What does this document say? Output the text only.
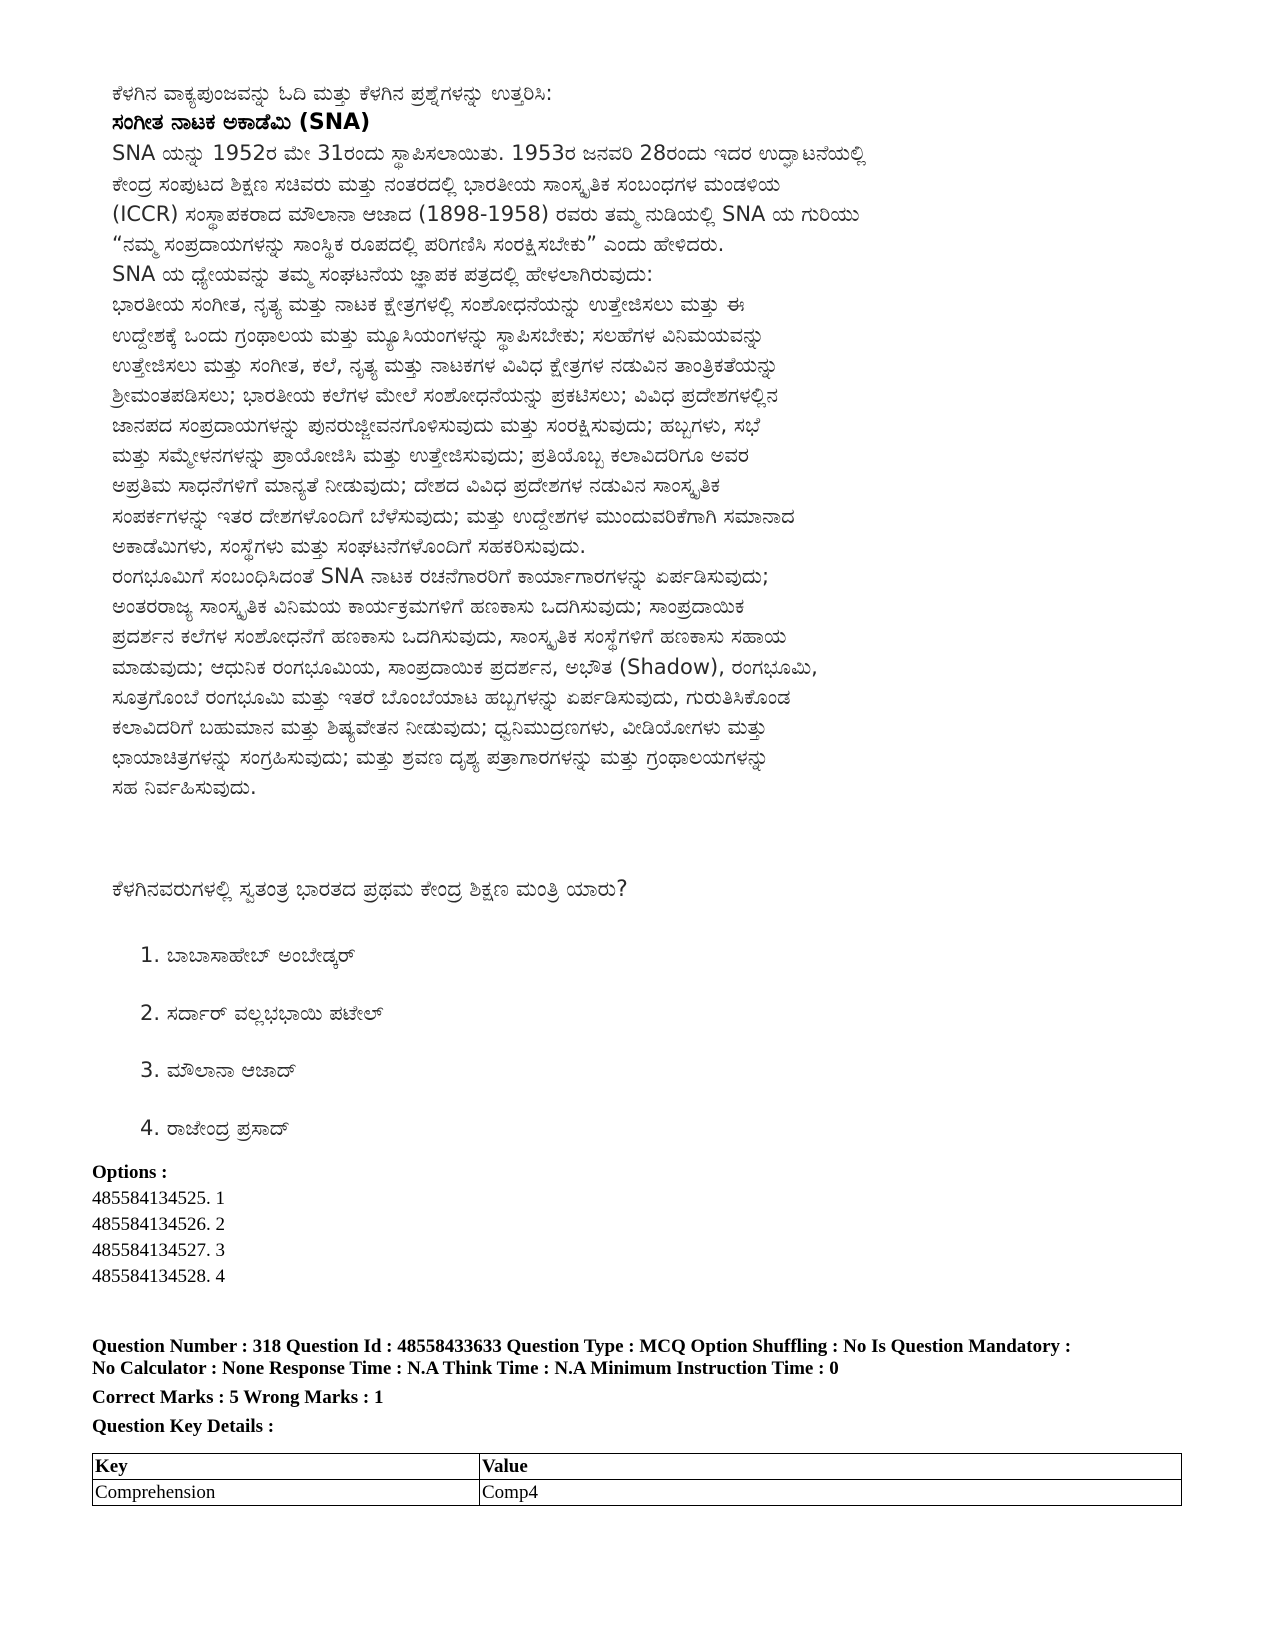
ಕೆಳಗಿನ ವಾಕ್ಯಪುಂಜವನ್ನು ಓದಿ ಮತ್ತು ಕೆಳಗಿನ ಪ್ರಶ್ನೆಗಳನ್ನು ಉತ್ತರಿಸಿ:
ಸಂಗೀತ ನಾಟಕ ಅಕಾಡೆಮಿ (SNA)
SNA ಯನ್ನು 1952ರ ಮೇ 31ರಂದು ಸ್ಥಾಪಿಸಲಾಯಿತು. 1953ರ ಜನವರಿ 28ರಂದು ಇದರ ಉದ್ಘಾಟನೆಯಲ್ಲಿ
ಕೇಂದ್ರ ಸಂಪುಟದ ಶಿಕ್ಷಣ ಸಚಿವರು ಮತ್ತು ನಂತರದಲ್ಲಿ ಭಾರತೀಯ ಸಾಂಸ್ಕೃತಿಕ ಸಂಬಂಧಗಳ ಮಂಡಳಿಯ
(ICCR) ಸಂಸ್ಥಾಪಕರಾದ ಮೌಲಾನಾ ಆಜಾದ (1898-1958) ರವರು ತಮ್ಮ ನುಡಿಯಲ್ಲಿ SNA ಯ ಗುರಿಯು
“ನಮ್ಮ ಸಂಪ್ರದಾಯಗಳನ್ನು ಸಾಂಸ್ಥಿಕ ರೂಪದಲ್ಲಿ ಪರಿಗಣಿಸಿ ಸಂರಕ್ಷಿಸಬೇಕು” ಎಂದು ಹೇಳಿದರು.
SNA ಯ ಧ್ಯೇಯವನ್ನು ತಮ್ಮ ಸಂಘಟನೆಯ ಜ್ಞಾಪಕ ಪತ್ರದಲ್ಲಿ ಹೇಳಲಾಗಿರುವುದು:
ಭಾರತೀಯ ಸಂಗೀತ, ನೃತ್ಯ ಮತ್ತು ನಾಟಕ ಕ್ಷೇತ್ರಗಳಲ್ಲಿ ಸಂಶೋಧನೆಯನ್ನು ಉತ್ತೇಜಿಸಲು ಮತ್ತು ಈ
ಉದ್ದೇಶಕ್ಕೆ ಒಂದು ಗ್ರಂಥಾಲಯ ಮತ್ತು ಮ್ಯೂಸಿಯಂಗಳನ್ನು ಸ್ಥಾಪಿಸಬೇಕು; ಸಲಹೆಗಳ ವಿನಿಮಯವನ್ನು
ಉತ್ತೇಜಿಸಲು ಮತ್ತು ಸಂಗೀತ, ಕಲೆ, ನೃತ್ಯ ಮತ್ತು ನಾಟಕಗಳ ವಿವಿಧ ಕ್ಷೇತ್ರಗಳ ನಡುವಿನ ತಾಂತ್ರಿಕತೆಯನ್ನು
ಶ್ರೀಮಂತಪಡಿಸಲು; ಭಾರತೀಯ ಕಲೆಗಳ ಮೇಲೆ ಸಂಶೋಧನೆಯನ್ನು ಪ್ರಕಟಿಸಲು; ವಿವಿಧ ಪ್ರದೇಶಗಳಲ್ಲಿನ
ಜಾನಪದ ಸಂಪ್ರದಾಯಗಳನ್ನು ಪುನರುಜ್ಜೀವನಗೊಳಿಸುವುದು ಮತ್ತು ಸಂರಕ್ಷಿಸುವುದು; ಹಬ್ಬಗಳು, ಸಭೆ
ಮತ್ತು ಸಮ್ಮೇಳನಗಳನ್ನು ಪ್ರಾಯೋಜಿಸಿ ಮತ್ತು ಉತ್ತೇಜಿಸುವುದು; ಪ್ರತಿಯೊಬ್ಬ ಕಲಾವಿದರಿಗೂ ಅವರ
ಅಪ್ರತಿಮ ಸಾಧನೆಗಳಿಗೆ ಮಾನ್ಯತೆ ನೀಡುವುದು; ದೇಶದ ವಿವಿಧ ಪ್ರದೇಶಗಳ ನಡುವಿನ ಸಾಂಸ್ಕೃತಿಕ
ಸಂಪರ್ಕಗಳನ್ನು ಇತರ ದೇಶಗಳೊಂದಿಗೆ ಬೆಳೆಸುವುದು; ಮತ್ತು ಉದ್ದೇಶಗಳ ಮುಂದುವರಿಕೆಗಾಗಿ ಸಮಾನಾದ
ಅಕಾಡೆಮಿಗಳು, ಸಂಸ್ಥೆಗಳು ಮತ್ತು ಸಂಘಟನೆಗಳೊಂದಿಗೆ ಸಹಕರಿಸುವುದು.
ರಂಗಭೂಮಿಗೆ ಸಂಬಂಧಿಸಿದಂತೆ SNA ನಾಟಕ ರಚನೆಗಾರರಿಗೆ ಕಾರ್ಯಾಗಾರಗಳನ್ನು ಏರ್ಪಡಿಸುವುದು;
ಅಂತರರಾಜ್ಯ ಸಾಂಸ್ಕೃತಿಕ ವಿನಿಮಯ ಕಾರ್ಯಕ್ರಮಗಳಿಗೆ ಹಣಕಾಸು ಒದಗಿಸುವುದು; ಸಾಂಪ್ರದಾಯಿಕ
ಪ್ರದರ್ಶನ ಕಲೆಗಳ ಸಂಶೋಧನೆಗೆ ಹಣಕಾಸು ಒದಗಿಸುವುದು, ಸಾಂಸ್ಕೃತಿಕ ಸಂಸ್ಥೆಗಳಿಗೆ ಹಣಕಾಸು ಸಹಾಯ
ಮಾಡುವುದು; ಆಧುನಿಕ ರಂಗಭೂಮಿಯ, ಸಾಂಪ್ರದಾಯಿಕ ಪ್ರದರ್ಶನ, ಅಭೌತ (Shadow), ರಂಗಭೂಮಿ,
ಸೂತ್ರಗೊಂಬೆ ರಂಗಭೂಮಿ ಮತ್ತು ಇತರೆ ಬೊಂಬೆಯಾಟ ಹಬ್ಬಗಳನ್ನು ಏರ್ಪಡಿಸುವುದು, ಗುರುತಿಸಿಕೊಂಡ
ಕಲಾವಿದರಿಗೆ ಬಹುಮಾನ ಮತ್ತು ಶಿಷ್ಯವೇತನ ನೀಡುವುದು; ಧ್ವನಿಮುದ್ರಣಗಳು, ವೀಡಿಯೋಗಳು ಮತ್ತು
ಛಾಯಾಚಿತ್ರಗಳನ್ನು ಸಂಗ್ರಹಿಸುವುದು; ಮತ್ತು ಶ್ರವಣ ದೃಶ್ಯ ಪತ್ರಾಗಾರಗಳನ್ನು ಮತ್ತು ಗ್ರಂಥಾಲಯಗಳನ್ನು
ಸಹ ನಿರ್ವಹಿಸುವುದು.
ಕೆಳಗಿನವರುಗಳಲ್ಲಿ ಸ್ವತಂತ್ರ ಭಾರತದ ಪ್ರಥಮ ಕೇಂದ್ರ ಶಿಕ್ಷಣ ಮಂತ್ರಿ ಯಾರು?
1. ಬಾಬಾಸಾಹೇಬ್ ಅಂಬೇಡ್ಕರ್
2. ಸರ್ದಾರ್ ವಲ್ಲಭಭಾಯಿ ಪಟೇಲ್
3. ಮೌಲಾನಾ ಆಜಾದ್
4. ರಾಜೇಂದ್ರ ಪ್ರಸಾದ್
Options :
485584134525. 1
485584134526. 2
485584134527. 3
485584134528. 4
Question Number : 318 Question Id : 48558433633 Question Type : MCQ Option Shuffling : No Is Question Mandatory :
No Calculator : None Response Time : N.A Think Time : N.A Minimum Instruction Time : 0
Correct Marks : 5 Wrong Marks : 1
Question Key Details :
Key	Value
Comprehension	Comp4
